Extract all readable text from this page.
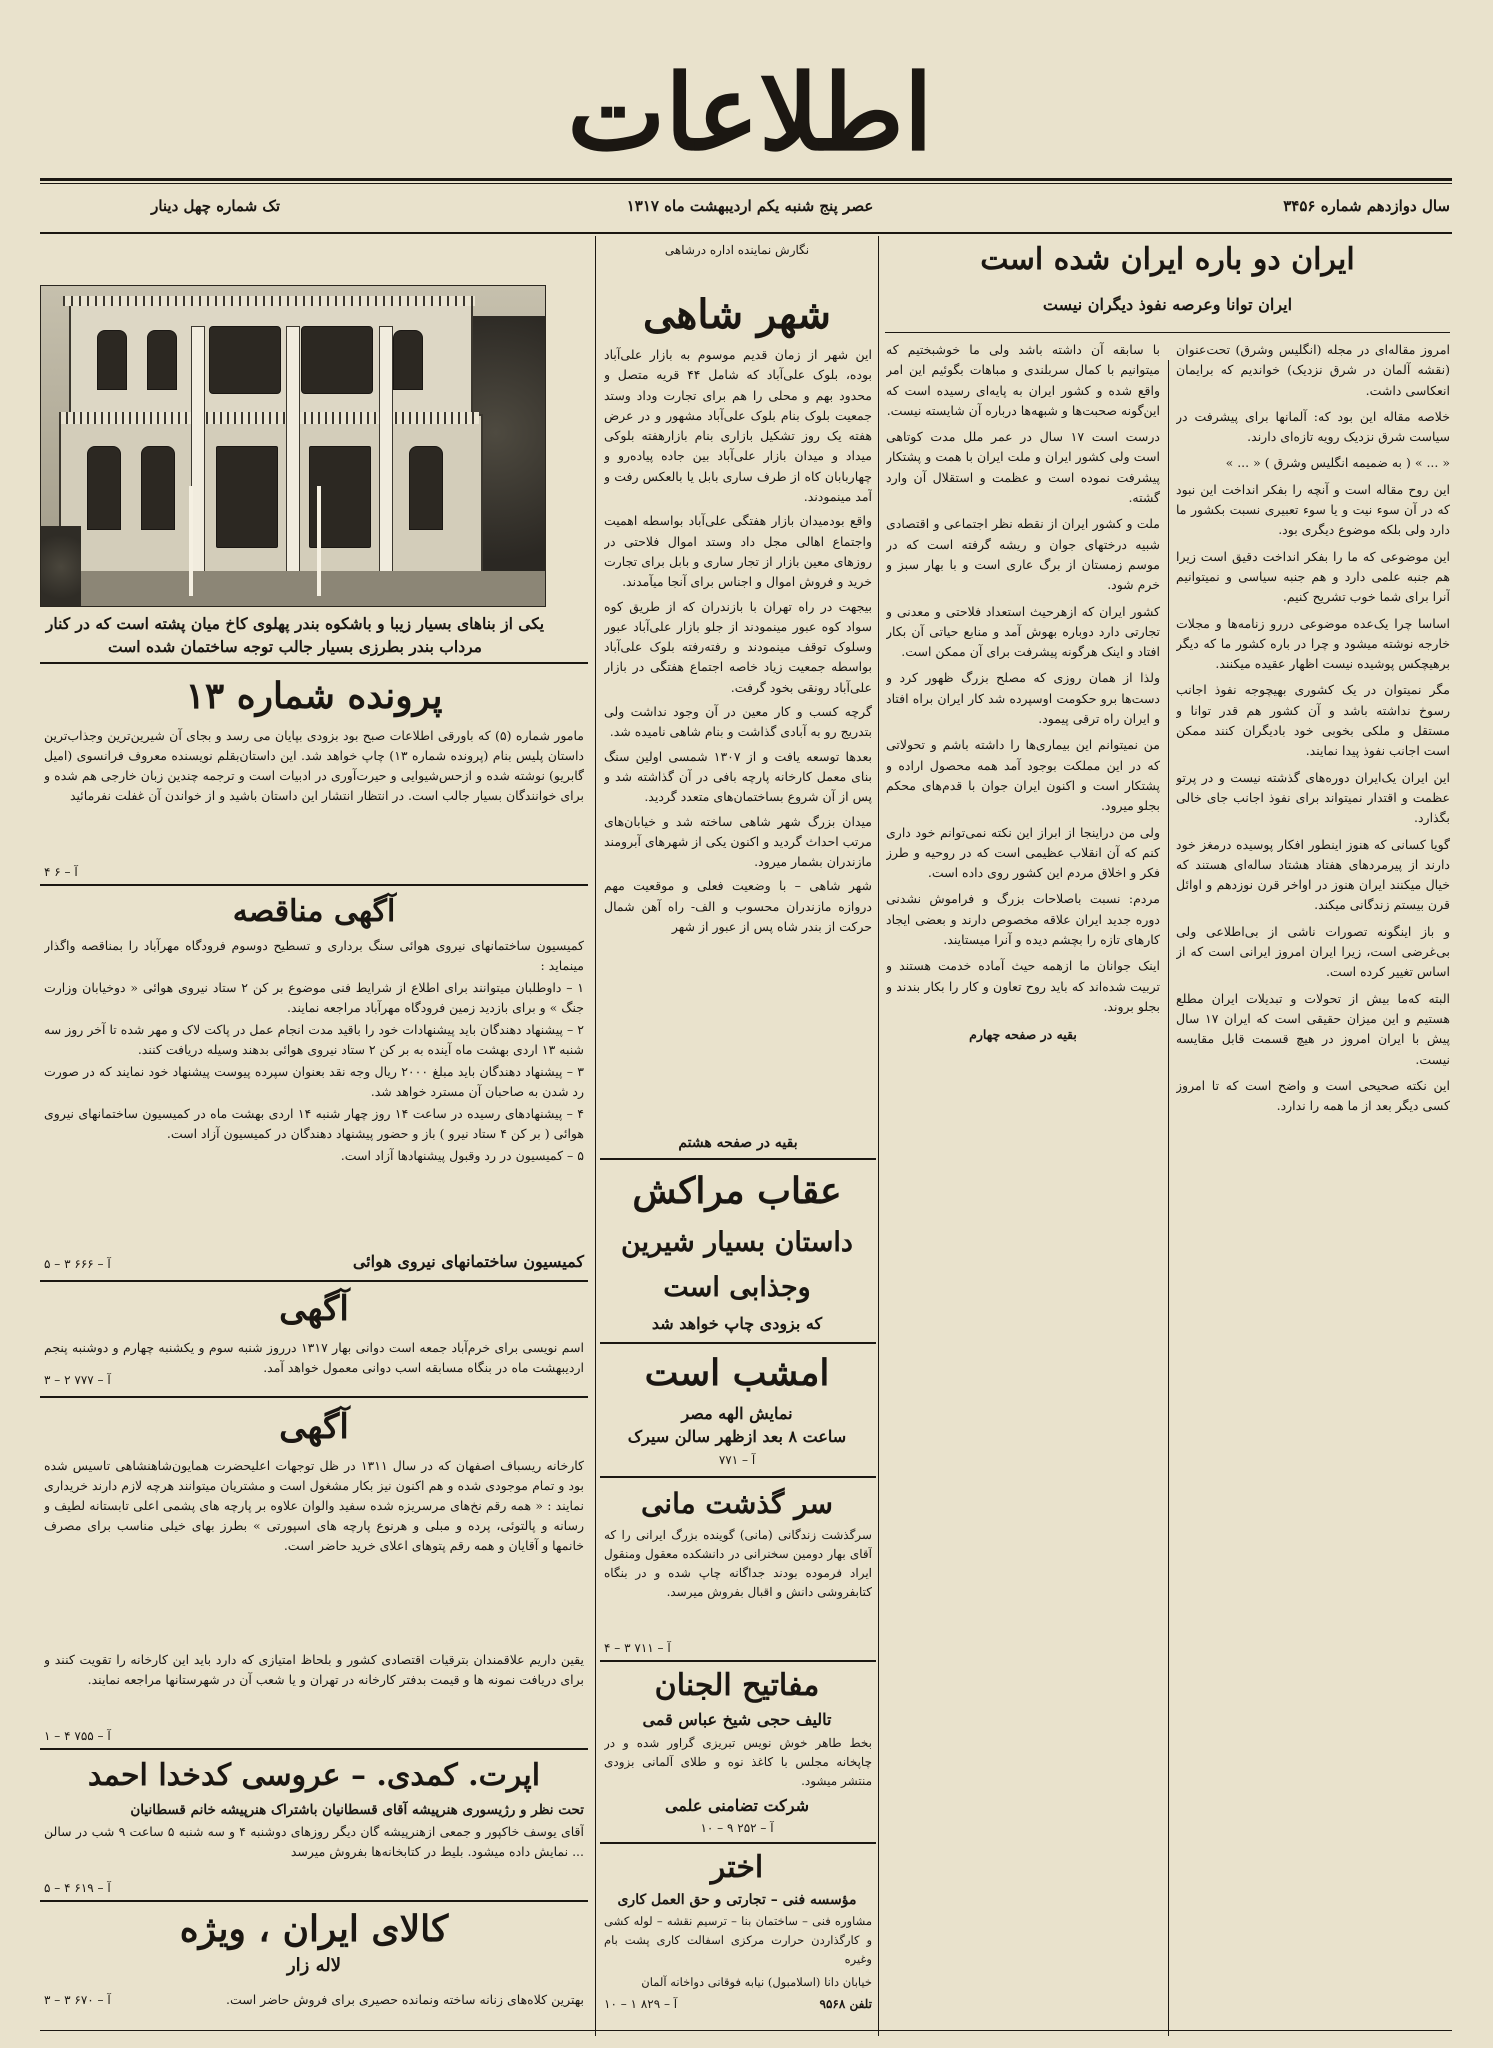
اطلاعات
سال دوازدهم شماره ۳۴۵۶
عصر پنج شنبه یکم اردیبهشت ماه ۱۳۱۷
تک شماره چهل دینار
ایران دو باره ایران شده است
ایران توانا وعرصه نفوذ دیگران نیست

امروز مقاله‌ای در مجله (انگلیس وشرق) تحت‌عنوان (نقشه آلمان در شرق نزدیک) خواندیم که برایمان انعکاسی داشت.

خلاصه مقاله این بود که: آلمانها برای پیشرفت در سیاست شرق نزدیک رویه تازه‌ای دارند.

« ... » ( به ضمیمه انگلیس وشرق ) « ... »

این روح مقاله است و آنچه را بفکر انداخت این نبود که در آن سوء نیت و یا سوء تعبیری نسبت بکشور ما دارد ولی بلکه موضوع دیگری بود.

این موضوعی که ما را بفکر انداخت دقیق است زیرا هم جنبه علمی دارد و هم جنبه سیاسی و نمیتوانیم آنرا برای شما خوب تشریح کنیم.

اساسا چرا یک‌عده موضوعی دررو زنامه‌ها و مجلات خارجه نوشته میشود و چرا در باره کشور ما که دیگر برهیچکس پوشیده نیست اظهار عقیده میکنند.

مگر نمیتوان در یک کشوری بهیچوجه نفوذ اجانب رسوخ نداشته باشد و آن کشور هم قدر توانا و مستقل و ملکی بخوبی خود بادیگران کنند ممکن است اجانب نفوذ پیدا نمایند.

این ایران یک‌ایران دوره‌های گذشته نیست و در پرتو عظمت و اقتدار نمیتواند برای نفوذ اجانب جای خالی بگذارد.

گویا کسانی که هنوز اینطور افکار پوسیده درمغز خود دارند از پیرمردهای هفتاد هشتاد ساله‌ای هستند که خیال میکنند ایران هنوز در اواخر قرن نوزدهم و اوائل قرن بیستم زندگانی میکند.

و باز اینگونه تصورات ناشی از بی‌اطلاعی ولی بی‌غرضی است، زیرا ایران امروز ایرانی است که از اساس تغییر کرده است.

البته که‌ما بیش از تحولات و تبدیلات ایران مطلع هستیم و این میزان حقیقی است که ایران ۱۷ سال پیش با ایران امروز در هیچ قسمت قابل مقایسه نیست.

این نکته صحیحی است و واضح است که تا امروز کسی دیگر بعد از ما همه را ندارد.

با سابقه آن داشته باشد ولی ما خوشبختیم که میتوانیم با کمال سربلندی و مباهات بگوئیم این امر واقع شده و کشور ایران به پایه‌ای رسیده است که این‌گونه صحبت‌ها و شبهه‌ها درباره آن شایسته نیست.

درست است ۱۷ سال در عمر ملل مدت کوتاهی است ولی کشور ایران و ملت ایران با همت و پشتکار پیشرفت نموده است و عظمت و استقلال آن وارد گشته.

ملت و کشور ایران از نقطه نظر اجتماعی و اقتصادی شبیه درختهای جوان و ریشه گرفته است که در موسم زمستان از برگ عاری است و با بهار سبز و خرم شود.

کشور ایران که ازهرحیث استعداد فلاحتی و معدنی و تجارتی دارد دوباره بهوش آمد و منابع حیاتی آن بکار افتاد و اینک هرگونه پیشرفت برای آن ممکن است.

ولذا از همان روزی که مصلح بزرگ ظهور کرد و دست‌ها برو حکومت اوسپرده شد کار ایران براه افتاد و ایران راه ترقی پیمود.

من نمیتوانم این بیماری‌ها را داشته باشم و تحولاتی که در این مملکت بوجود آمد همه محصول اراده و پشتکار است و اکنون ایران جوان با قدم‌های محکم بجلو میرود.

ولی من دراینجا از ابراز این نکته نمی‌توانم خود داری کنم که آن انقلاب عظیمی است که در روحیه و طرز فکر و اخلاق مردم این کشور روی داده است.

مردم: نسبت باصلاحات بزرگ و فراموش نشدنی دوره جدید ایران علاقه مخصوص دارند و بعضی ایجاد کارهای تازه را بچشم دیده و آنرا میستایند.

اینک جوانان ما ازهمه حیث آماده خدمت هستند و تربیت شده‌اند که باید روح تعاون و کار را بکار بندند و بجلو بروند.

بقیه در صفحه چهارم

نگارش نماینده اداره درشاهی
شهر شاهی

این شهر از زمان قدیم موسوم به بازار علی‌آباد بوده، بلوک علی‌آباد که شامل ۴۴ قریه متصل و محدود بهم و محلی را هم برای تجارت وداد وستد جمعیت بلوک بنام بلوک علی‌آباد مشهور و در عرض هفته یک روز تشکیل بازاری بنام بازارهفته بلوکی میداد و میدان بازار علی‌آباد بین جاده پیاده‌رو و چهاربابان کاه از طرف ساری بابل یا بالعکس رفت و آمد مینمودند.

واقع بودمیدان بازار هفتگی علی‌آباد بواسطه اهمیت واجتماع اهالی مجل داد وستد اموال فلاحتی در روزهای معین‌ بازار از تجار ساری و بابل برای تجارت خرید و فروش اموال و اجناس برای آنجا میآمدند.

بیجهت در راه تهران با بازندران که از طریق کوه سواد کوه عبور مینمودند از جلو بازار علی‌آباد عبور وسلوک توقف مینمودند و رفته‌رفته بلوک علی‌آباد بواسطه جمعیت زیاد خاصه اجتماع هفتگی در بازار علی‌آباد رونقی بخود گرفت.

گرچه کسب و کار معین در آن وجود نداشت ولی بتدریج رو به آبادی گذاشت و بنام شاهی نامیده شد.

بعدها توسعه یافت و از ۱۳۰۷ شمسی اولین سنگ بنای معمل کارخانه پارچه بافی در آن گذاشته شد و پس از آن شروع بساختمان‌های متعدد گردید.

میدان بزرگ شهر شاهی ساخته شد و خیابان‌های مرتب احداث گردید و اکنون یکی از شهرهای آبرومند مازندران بشمار میرود.

شهر شاهی – با وضعیت فعلی و موقعیت مهم دروازه مازندران محسوب و الف‌- راه آهن شمال حرکت از بندر شاه پس از عبور از شهر

بقیه در صفحه هشتم
عقاب مراکش
داستان بسیار شیرین
وجذابی است
که بزودی چاپ خواهد شد
امشب است
نمایش الهه مصر
ساعت ۸ بعد ازظهر سالن سیرک
آ – ۷۷۱
سر گذشت مانی
سرگذشت زندگانی (مانی) گوینده بزرگ ایرانی را که آقای بهار دومین سخنرانی در دانشکده معقول ومنقول ایراد فرموده بودند جداگانه چاپ شده و در بنگاه کتابفروشی دانش و اقبال بفروش میرسد.
آ – ۷۱۱ ۳ – ۴
مفاتیح الجنان
تالیف حجی شیخ عباس قمی
بخط طاهر خوش نویس تبریزی گراور شده و در چاپخانه مجلس با کاغذ نوه و طلای آلمانی بزودی منتشر میشود.
شرکت تضامنی علمی
آ – ۲۵۲ ۹ – ۱۰
اختر
مؤسسه فنی – تجارتی و حق العمل کاری
مشاوره فنی – ساختمان بنا – ترسیم نقشه – لوله کشی و کارگذاردن حرارت مرکزی اسفالت کاری پشت بام وغیره
خیابان دانا (اسلامبول) نیابه فوقانی دواخانه آلمان
تلفن ۹۵۶۸
آ – ۸۲۹ ۱ – ۱۰
یکی از بناهای بسیار زیبا و باشکوه بندر پهلوی کاخ میان پشته است که در کنار مرداب بندر بطرزی بسیار جالب توجه ساختمان شده است
پرونده شماره ۱۳
مامور شماره (۵) که باورقی اطلاعات صبح بود بزودی بپایان می رسد و بجای آن شیرین‌ترین وجذاب‌ترین داستان پلیس بنام (پرونده شماره ۱۳) چاپ خواهد شد. این داستان‌بقلم نویسنده معروف فرانسوی (امیل گابریو) نوشته شده و ازحس‌شیوایی و حیرت‌آوری در ادبیات است و ترجمه چندین زبان خارجی هم شده و برای خوانندگان بسیار جالب است. در انتظار انتشار این داستان باشید و از خواندن آن غفلت نفرمائید
آ – ۶ ۴
آگهی مناقصه
کمیسیون ساختمانهای نیروی هوائی سنگ برداری و تسطیح دوسوم فرودگاه مهرآباد را بمناقصه واگذار مینماید :

۱ – داوطلبان میتوانند برای اطلاع از شرایط فنی موضوع بر کن ۲ ستاد نیروی هوائی « دوخیابان وزارت جنگ » و برای بازدید زمین فرودگاه مهرآباد مراجعه نمایند.

۲ – پیشنهاد دهندگان باید پیشنهادات خود را باقید مدت انجام عمل در پاکت لاک و مهر شده تا آخر روز سه شنبه ۱۳ اردی بهشت ماه آینده به بر کن ۲ ستاد نیروی هوائی بدهند وسیله دریافت کنند.

۳ – پیشنهاد دهندگان باید مبلغ ۲۰۰۰ ریال وجه نقد بعنوان سپرده پیوست پیشنهاد خود نمایند که در صورت رد شدن به صاحبان آن مسترد خواهد شد.

۴ – پیشنهادهای رسیده در ساعت ۱۴ روز چهار شنبه ۱۴ اردی بهشت ماه در کمیسیون ساختمانهای نیروی هوائی ( بر کن ۴ ستاد نیرو ) باز و حضور پیشنهاد دهندگان در کمیسیون آزاد است.

۵ – کمیسیون در رد وقبول پیشنهادها آزاد است.

کمیسیون ساختمانهای نیروی هوائی
آ – ۶۶۶ ۳ – ۵
آگهی
اسم نویسی برای خرم‌آباد جمعه است دوانی بهار ۱۳۱۷ درروز شنبه سوم و یکشنبه چهارم و دوشنبه پنجم اردیبهشت ماه در بنگاه مسابقه اسب دوانی معمول خواهد آمد.
آ – ۷۷۷ ۲ – ۳
آگهی
کارخانه ریسباف اصفهان که در سال ۱۳۱۱ در ظل توجهات اعلیحضرت همایون‌شاهنشاهی تاسیس شده بود و تمام موجودی شده و هم اکنون نیز بکار مشغول است و مشتریان میتوانند هرچه لازم دارند خریداری نمایند : « همه رقم نخ‌های مرسریزه شده سفید والوان علاوه بر پارچه های پشمی اعلی تابستانه لطیف و رسانه و پالتوئی، پرده و مبلی و هرنوع پارچه های اسپورتی » بطرز بهای خیلی مناسب برای مصرف خانمها و آقایان و همه رقم پتوهای اعلای خرید حاضر است.
یقین داریم علاقمندان بترقیات اقتصادی کشور و بلحاظ امتیازی که دارد باید این کارخانه را تقویت کنند و برای دریافت نمونه ها و قیمت بدفتر کارخانه در تهران و یا شعب آن در شهرستانها مراجعه نمایند.
آ – ۷۵۵ ۴ – ۱
اپرت. کمدی. – عروسی کدخدا احمد
تحت نظر و رژیسوری هنرپیشه آقای قسطانیان باشتراک هنرپیشه خانم قسطانیان
آقای یوسف خاکپور و جمعی ازهنرپیشه گان دیگر روزهای دوشنبه ۴ و سه شنبه ۵ ساعت ۹ شب در سالن ... نمایش داده میشود. بلیط در کتابخانه‌ها بفروش میرسد
آ – ۶۱۹ ۴ – ۵
کالای ایران ، ویژه
لاله زار
بهترین کلاه‌های زنانه ساخته ونمانده حصیری برای فروش حاضر است.
آ – ۶۷۰ ۳ – ۳
